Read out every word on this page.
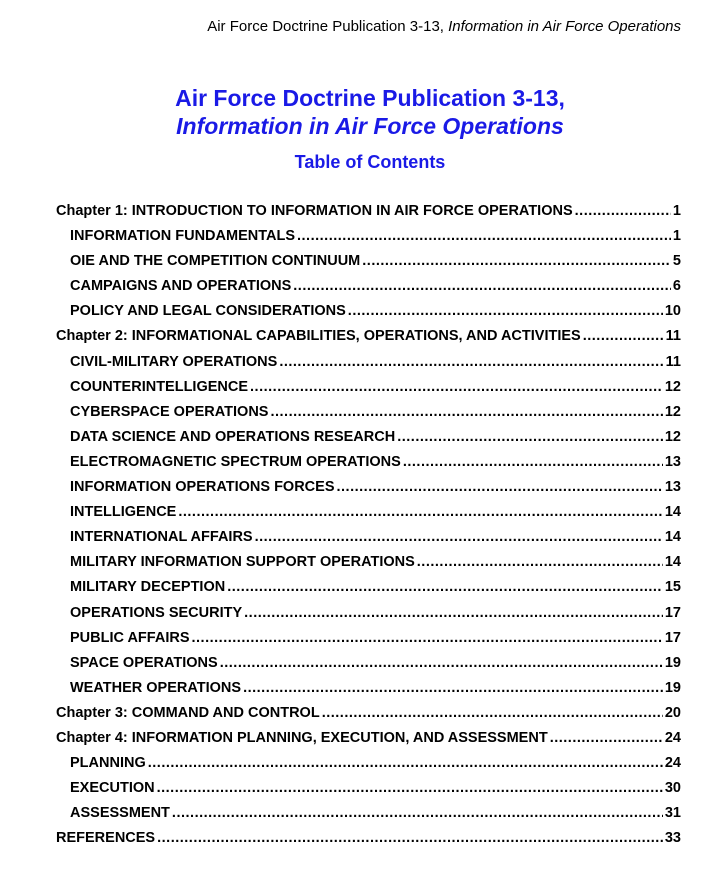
Air Force Doctrine Publication 3-13, Information in Air Force Operations
Air Force Doctrine Publication 3-13,
Information in Air Force Operations
Table of Contents
Chapter 1: INTRODUCTION TO INFORMATION IN AIR FORCE OPERATIONS .....	1
INFORMATION FUNDAMENTALS .....	1
OIE AND THE COMPETITION CONTINUUM .....	5
CAMPAIGNS AND OPERATIONS .....	6
POLICY AND LEGAL CONSIDERATIONS .....	10
Chapter 2: INFORMATIONAL CAPABILITIES, OPERATIONS, AND ACTIVITIES .....	11
CIVIL-MILITARY OPERATIONS .....	11
COUNTERINTELLIGENCE .....	12
CYBERSPACE OPERATIONS .....	12
DATA SCIENCE AND OPERATIONS RESEARCH .....	12
ELECTROMAGNETIC SPECTRUM OPERATIONS .....	13
INFORMATION OPERATIONS FORCES .....	13
INTELLIGENCE .....	14
INTERNATIONAL AFFAIRS .....	14
MILITARY INFORMATION SUPPORT OPERATIONS .....	14
MILITARY DECEPTION .....	15
OPERATIONS SECURITY .....	17
PUBLIC AFFAIRS .....	17
SPACE OPERATIONS .....	19
WEATHER OPERATIONS .....	19
Chapter 3: COMMAND AND CONTROL .....	20
Chapter 4: INFORMATION PLANNING, EXECUTION, AND ASSESSMENT .....	24
PLANNING .....	24
EXECUTION .....	30
ASSESSMENT .....	31
REFERENCES .....	33
